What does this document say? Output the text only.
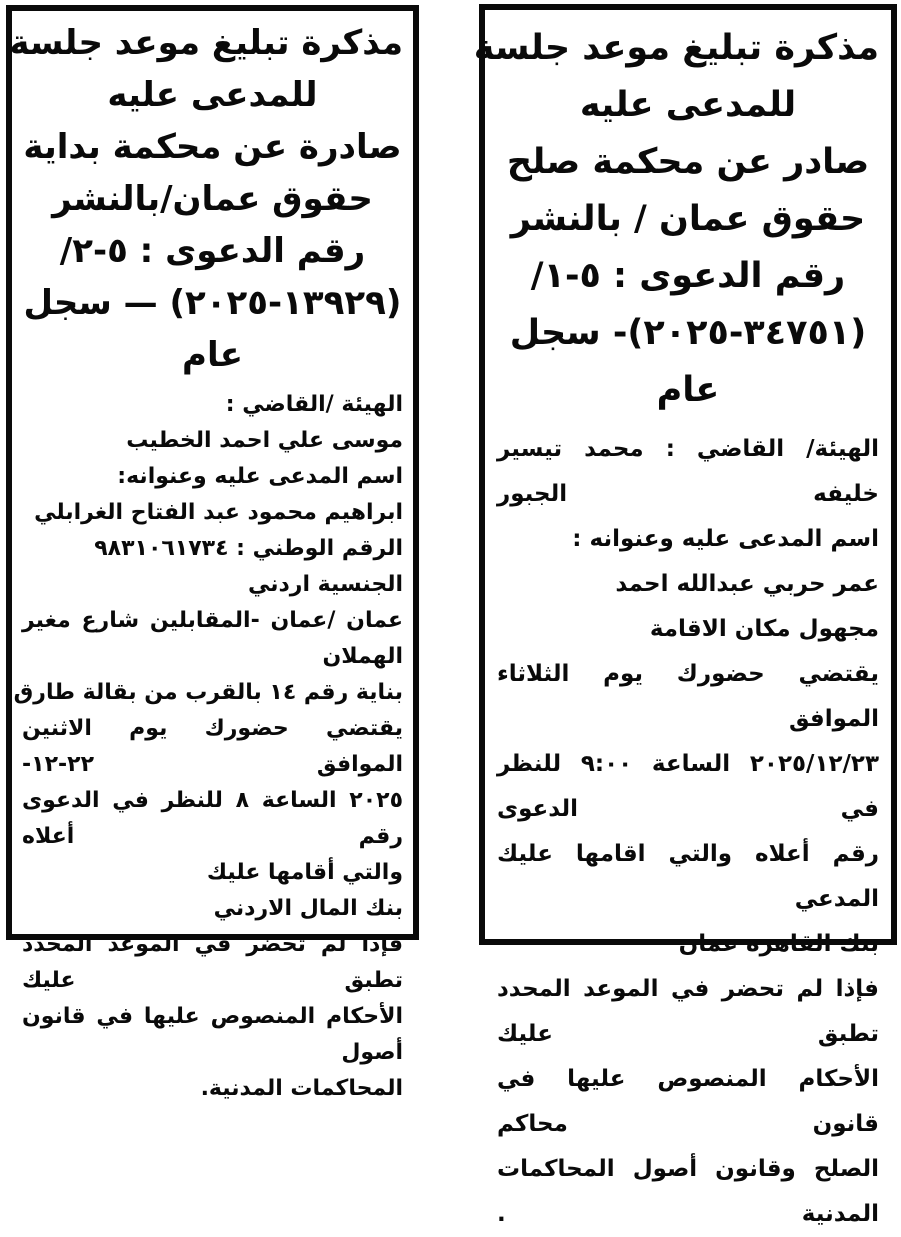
مذكرة تبليغ موعد جلسة
للمدعى عليه
صادرة عن محكمة بداية
حقوق عمان/بالنشر
رقم الدعوى : ٥-٢/
(١٣٩٢٩-٢٠٢٥) — سجل
عام
الهيئة /القاضي :
موسى علي احمد الخطيب
اسم المدعى عليه وعنوانه:
ابراهيم محمود عبد الفتاح الغرابلي
الرقم الوطني : ٩٨٣١٠٦١٧٣٤
الجنسية اردني
عمان /عمان -المقابلين شارع مغير الهملان
بناية رقم ١٤ بالقرب من بقالة طارق
يقتضي حضورك يوم الاثنين الموافق ٢٢-١٢-
٢٠٢٥ الساعة ٨ للنظر في الدعوى رقم أعلاه
والتي أقامها عليك
بنك المال الاردني
فإذا لم تحضر في الموعد المحدد تطبق عليك
الأحكام المنصوص عليها في قانون أصول
المحاكمات المدنية.
مذكرة تبليغ موعد جلسة
للمدعى عليه
صادر عن محكمة صلح
حقوق عمان / بالنشر
رقم الدعوى : ٥-١/
(٣٤٧٥١-٢٠٢٥)- سجل
عام
الهيئة/ القاضي : محمد تيسير خليفه الجبور
اسم المدعى عليه وعنوانه :
عمر حربي عبدالله احمد
مجهول مكان الاقامة
يقتضي حضورك يوم الثلاثاء الموافق
٢٠٢٥/١٢/٢٣ الساعة ٩:٠٠ للنظر في الدعوى
رقم أعلاه والتي اقامها عليك المدعي
بنك القاهرة عمان
فإذا لم تحضر في الموعد المحدد تطبق عليك
الأحكام المنصوص عليها في قانون محاكم
الصلح وقانون أصول المحاكمات المدنية .
